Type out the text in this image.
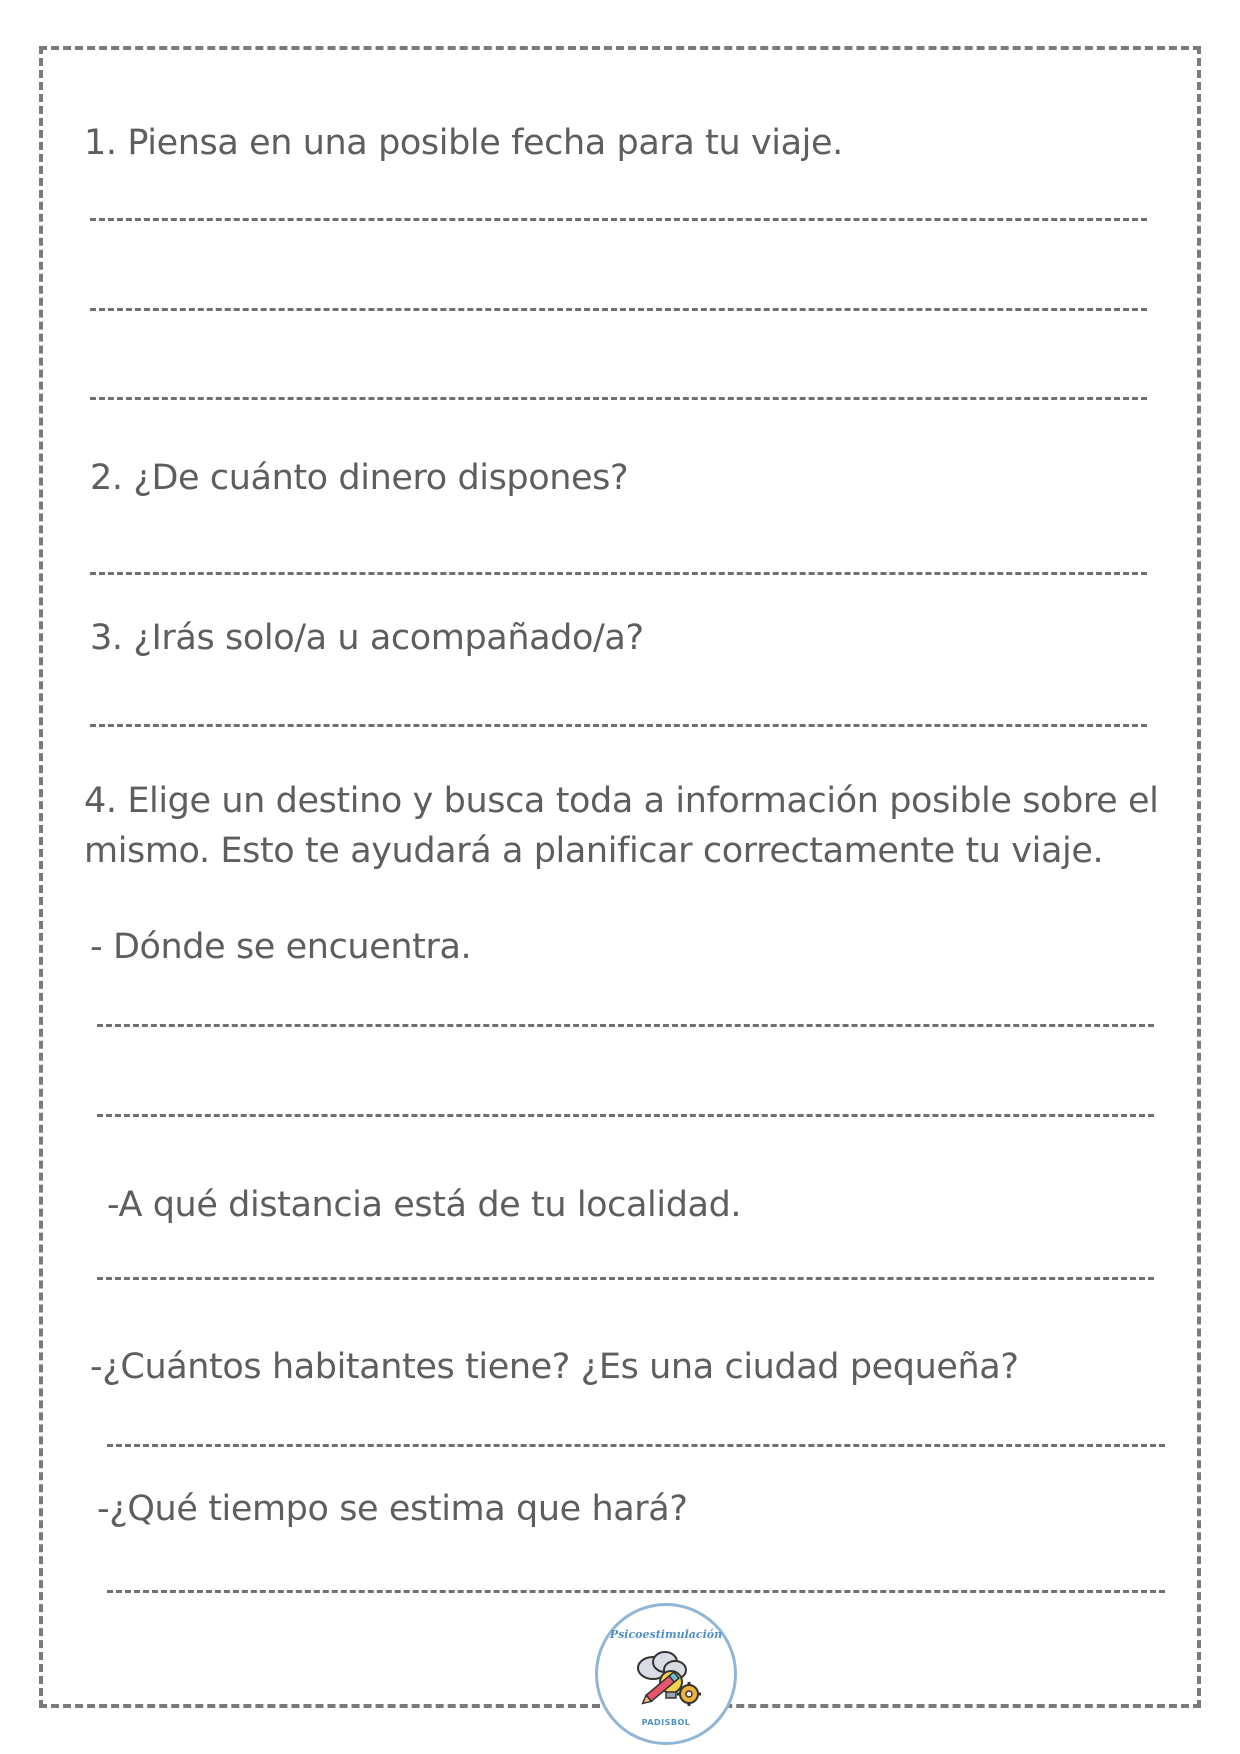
1. Piensa en una posible fecha para tu viaje.
2. ¿De cuánto dinero dispones?
3. ¿Irás solo/a u acompañado/a?
4. Elige un destino y busca toda a información posible sobre el mismo. Esto te ayudará a planificar correctamente tu viaje.
- Dónde se encuentra.
-A qué distancia está de tu localidad.
-¿Cuántos habitantes tiene? ¿Es una ciudad pequeña?
-¿Qué tiempo se estima que hará?
Psicoestimulación
PADISBOL
